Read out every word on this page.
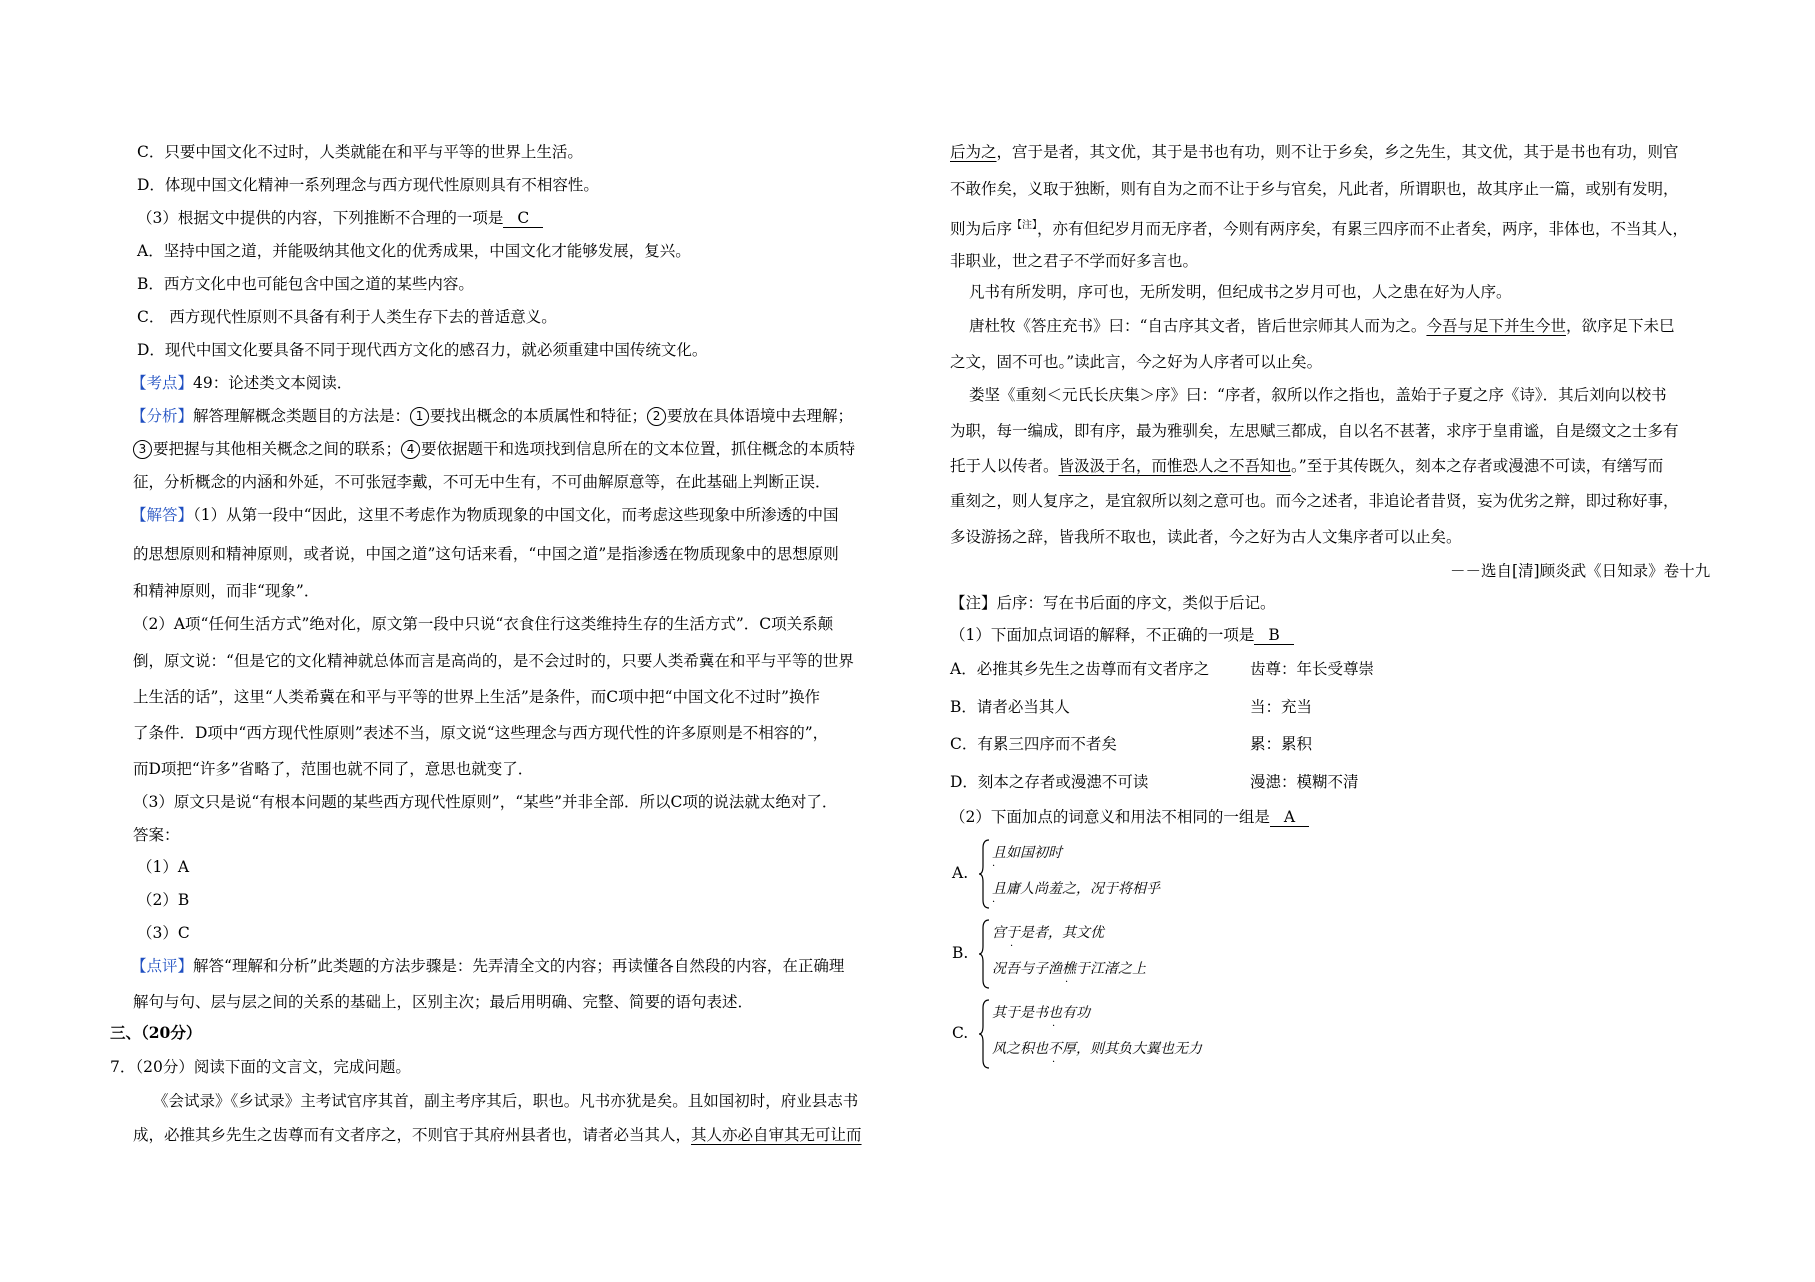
C．只要中国文化不过时，人类就能在和平与平等的世界上生活。
D．体现中国文化精神一系列理念与西方现代性原则具有不相容性。
（3）根据文中提供的内容，下列推断不合理的一项是 C
A．坚持中国之道，并能吸纳其他文化的优秀成果，中国文化才能够发展，复兴。
B．西方文化中也可能包含中国之道的某些内容。
C． 西方现代性原则不具备有利于人类生存下去的普适意义。
D．现代中国文化要具备不同于现代西方文化的感召力，就必须重建中国传统文化。
【考点】49：论述类文本阅读．
【分析】解答理解概念类题目的方法是： 1 要找出概念的本质属性和特征； 2 要放在具体语境中去理解；
3 要把握与其他相关概念之间的联系； 4 要依据题干和选项找到信息所在的文本位置，抓住概念的本质特
征，分析概念的内涵和外延，不可张冠李戴，不可无中生有，不可曲解原意等，在此基础上判断正误．
【解答】（1）从第一段中“因此，这里不考虑作为物质现象的中国文化，而考虑这些现象中所渗透的中国
的思想原则和精神原则，或者说，中国之道”这句话来看，“中国之道”是指渗透在物质现象中的思想原则
和精神原则，而非“现象”．
（2）A项“任何生活方式”绝对化，原文第一段中只说“衣食住行这类维持生存的生活方式”．C项关系颠
倒，原文说：“但是它的文化精神就总体而言是高尚的，是不会过时的，只要人类希冀在和平与平等的世界
上生活的话”，这里“人类希冀在和平与平等的世界上生活”是条件，而C项中把“中国文化不过时”换作
了条件．D项中“西方现代性原则”表述不当，原文说“这些理念与西方现代性的许多原则是不相容的”，
而D项把“许多”省略了，范围也就不同了，意思也就变了．
（3）原文只是说“有根本问题的某些西方现代性原则”，“某些”并非全部．所以C项的说法就太绝对了．
答案：
（1）A
（2）B
（3）C
【点评】解答“理解和分析”此类题的方法步骤是：先弄清全文的内容；再读懂各自然段的内容，在正确理
解句与句、层与层之间的关系的基础上，区别主次；最后用明确、完整、简要的语句表述．
三、（20分）
7．（20分）阅读下面的文言文，完成问题。
《会试录》《乡试录》主考试官序其首，副主考序其后，职也。凡书亦犹是矣。且如国初时，府业县志书
成，必推其乡先生之齿尊而有文者序之，不则官于其府州县者也，请者必当其人，其人亦必自审其无可让而
后为之，宫于是者，其文优，其于是书也有功，则不让于乡矣，乡之先生，其文优，其于是书也有功，则官
不敢作矣，义取于独断，则有自为之而不让于乡与官矣，凡此者，所谓职也，故其序止一篇，或别有发明，
则为后序$^{【注】}$，亦有但纪岁月而无序者，今则有两序矣，有累三四序而不止者矣，两序，非体也，不当其人，
非职业，世之君子不学而好多言也。
凡书有所发明，序可也，无所发明，但纪成书之岁月可也，人之患在好为人序。
唐杜牧《答庄充书》曰：“自古序其文者，皆后世宗师其人而为之。今吾与足下并生今世，欲序足下未巳
之文，固不可也。”读此言，今之好为人序者可以止矣。
娄坚《重刻＜元氏长庆集＞序》曰：“序者，叙所以作之指也，盖始于子夏之序《诗》．其后刘向以校书
为职，每一编成，即有序，最为雅驯矣，左思赋三都成，自以名不甚著，求序于皇甫谧，自是缀文之士多有
托于人以传者。皆汲汲于名，而惟恐人之不吾知也。”至于其传既久，刻本之存者或漫漶不可读，有缮写而
重刻之，则人复序之，是宜叙所以刻之意可也。而今之述者，非追论者昔贤，妄为优劣之辩，即过称好事，
多设游扬之辞，皆我所不取也，读此者，今之好为古人文集序者可以止矣。
－－选自[清]顾炎武《日知录》卷十九
【注】后序：写在书后面的序文，类似于后记。
（1）下面加点词语的解释，不正确的一项是 B
A．必推其乡先生之齿尊而有文者序之	齿尊：年长受尊崇
B．请者必当其人	当：充当
C．有累三四序而不者矣	累：累积
D．刻本之存者或漫漶不可读	漫漶：模糊不清
（2）下面加点的词意义和用法不相同的一组是 A
A.
且如国初时
·
且庸人尚羞之，况于将相乎
·
B.
宫于是者，其文优
·
况吾与子渔樵于江渚之上
·
C.
其于是书也有功
·
风之积也不厚，则其负大翼也无力
·
